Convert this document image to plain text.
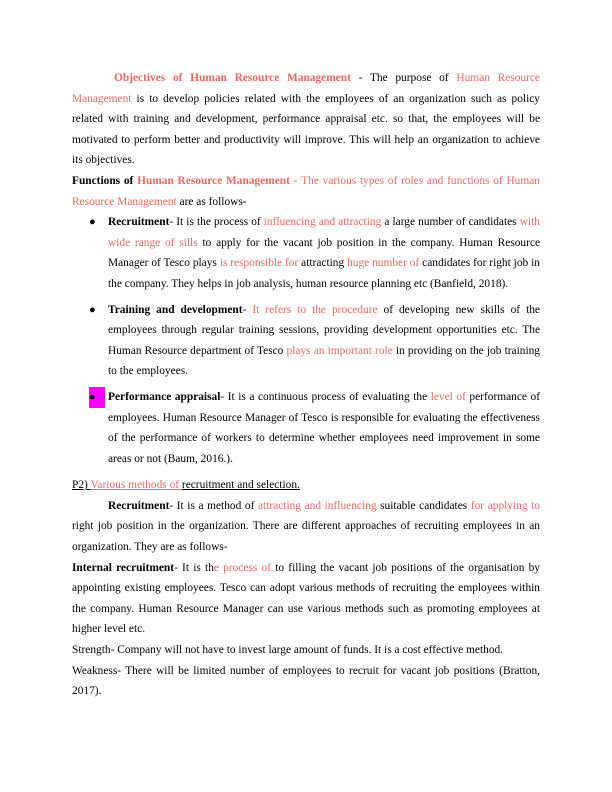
Objectives of Human Resource Management - The purpose of Human Resource Management is to develop policies related with the employees of an organization such as policy related with training and development, performance appraisal etc. so that, the employees will be motivated to perform better and productivity will improve. This will help an organization to achieve its objectives.

Functions of Human Resource Management - The various types of roles and functions of Human Resource Management are as follows-

● Recruitment- It is the process of influencing and attracting a large number of candidates with wide range of sills to apply for the vacant job position in the company. Human Resource Manager of Tesco plays is responsible for attracting huge number of candidates for right job in the company. They helps in job analysis, human resource planning etc (Banfield, 2018).
● Training and development- It refers to the procedure of developing new skills of the employees through regular training sessions, providing development opportunities etc. The Human Resource department of Tesco plays an important role in providing on the job training to the employees.
●	Performance appraisal- It is a continuous process of evaluating the level of performance of employees. Human Resource Manager of Tesco is responsible for evaluating the effectiveness of the performance of workers to determine whether employees need improvement in some areas or not (Baum, 2016.).

P2) Various methods of recruitment and selection.

Recruitment- It is a method of attracting and influencing suitable candidates for applying to right job position in the organization. There are different approaches of recruiting employees in an organization. They are as follows-

Internal recruitment- It is the process of to filling the vacant job positions of the organisation by appointing existing employees. Tesco can adopt various methods of recruiting the employees within the company. Human Resource Manager can use various methods such as promoting employees at higher level etc.

Strength- Company will not have to invest large amount of funds. It is a cost effective method.

Weakness- There will be limited number of employees to recruit for vacant job positions (Bratton, 2017).
